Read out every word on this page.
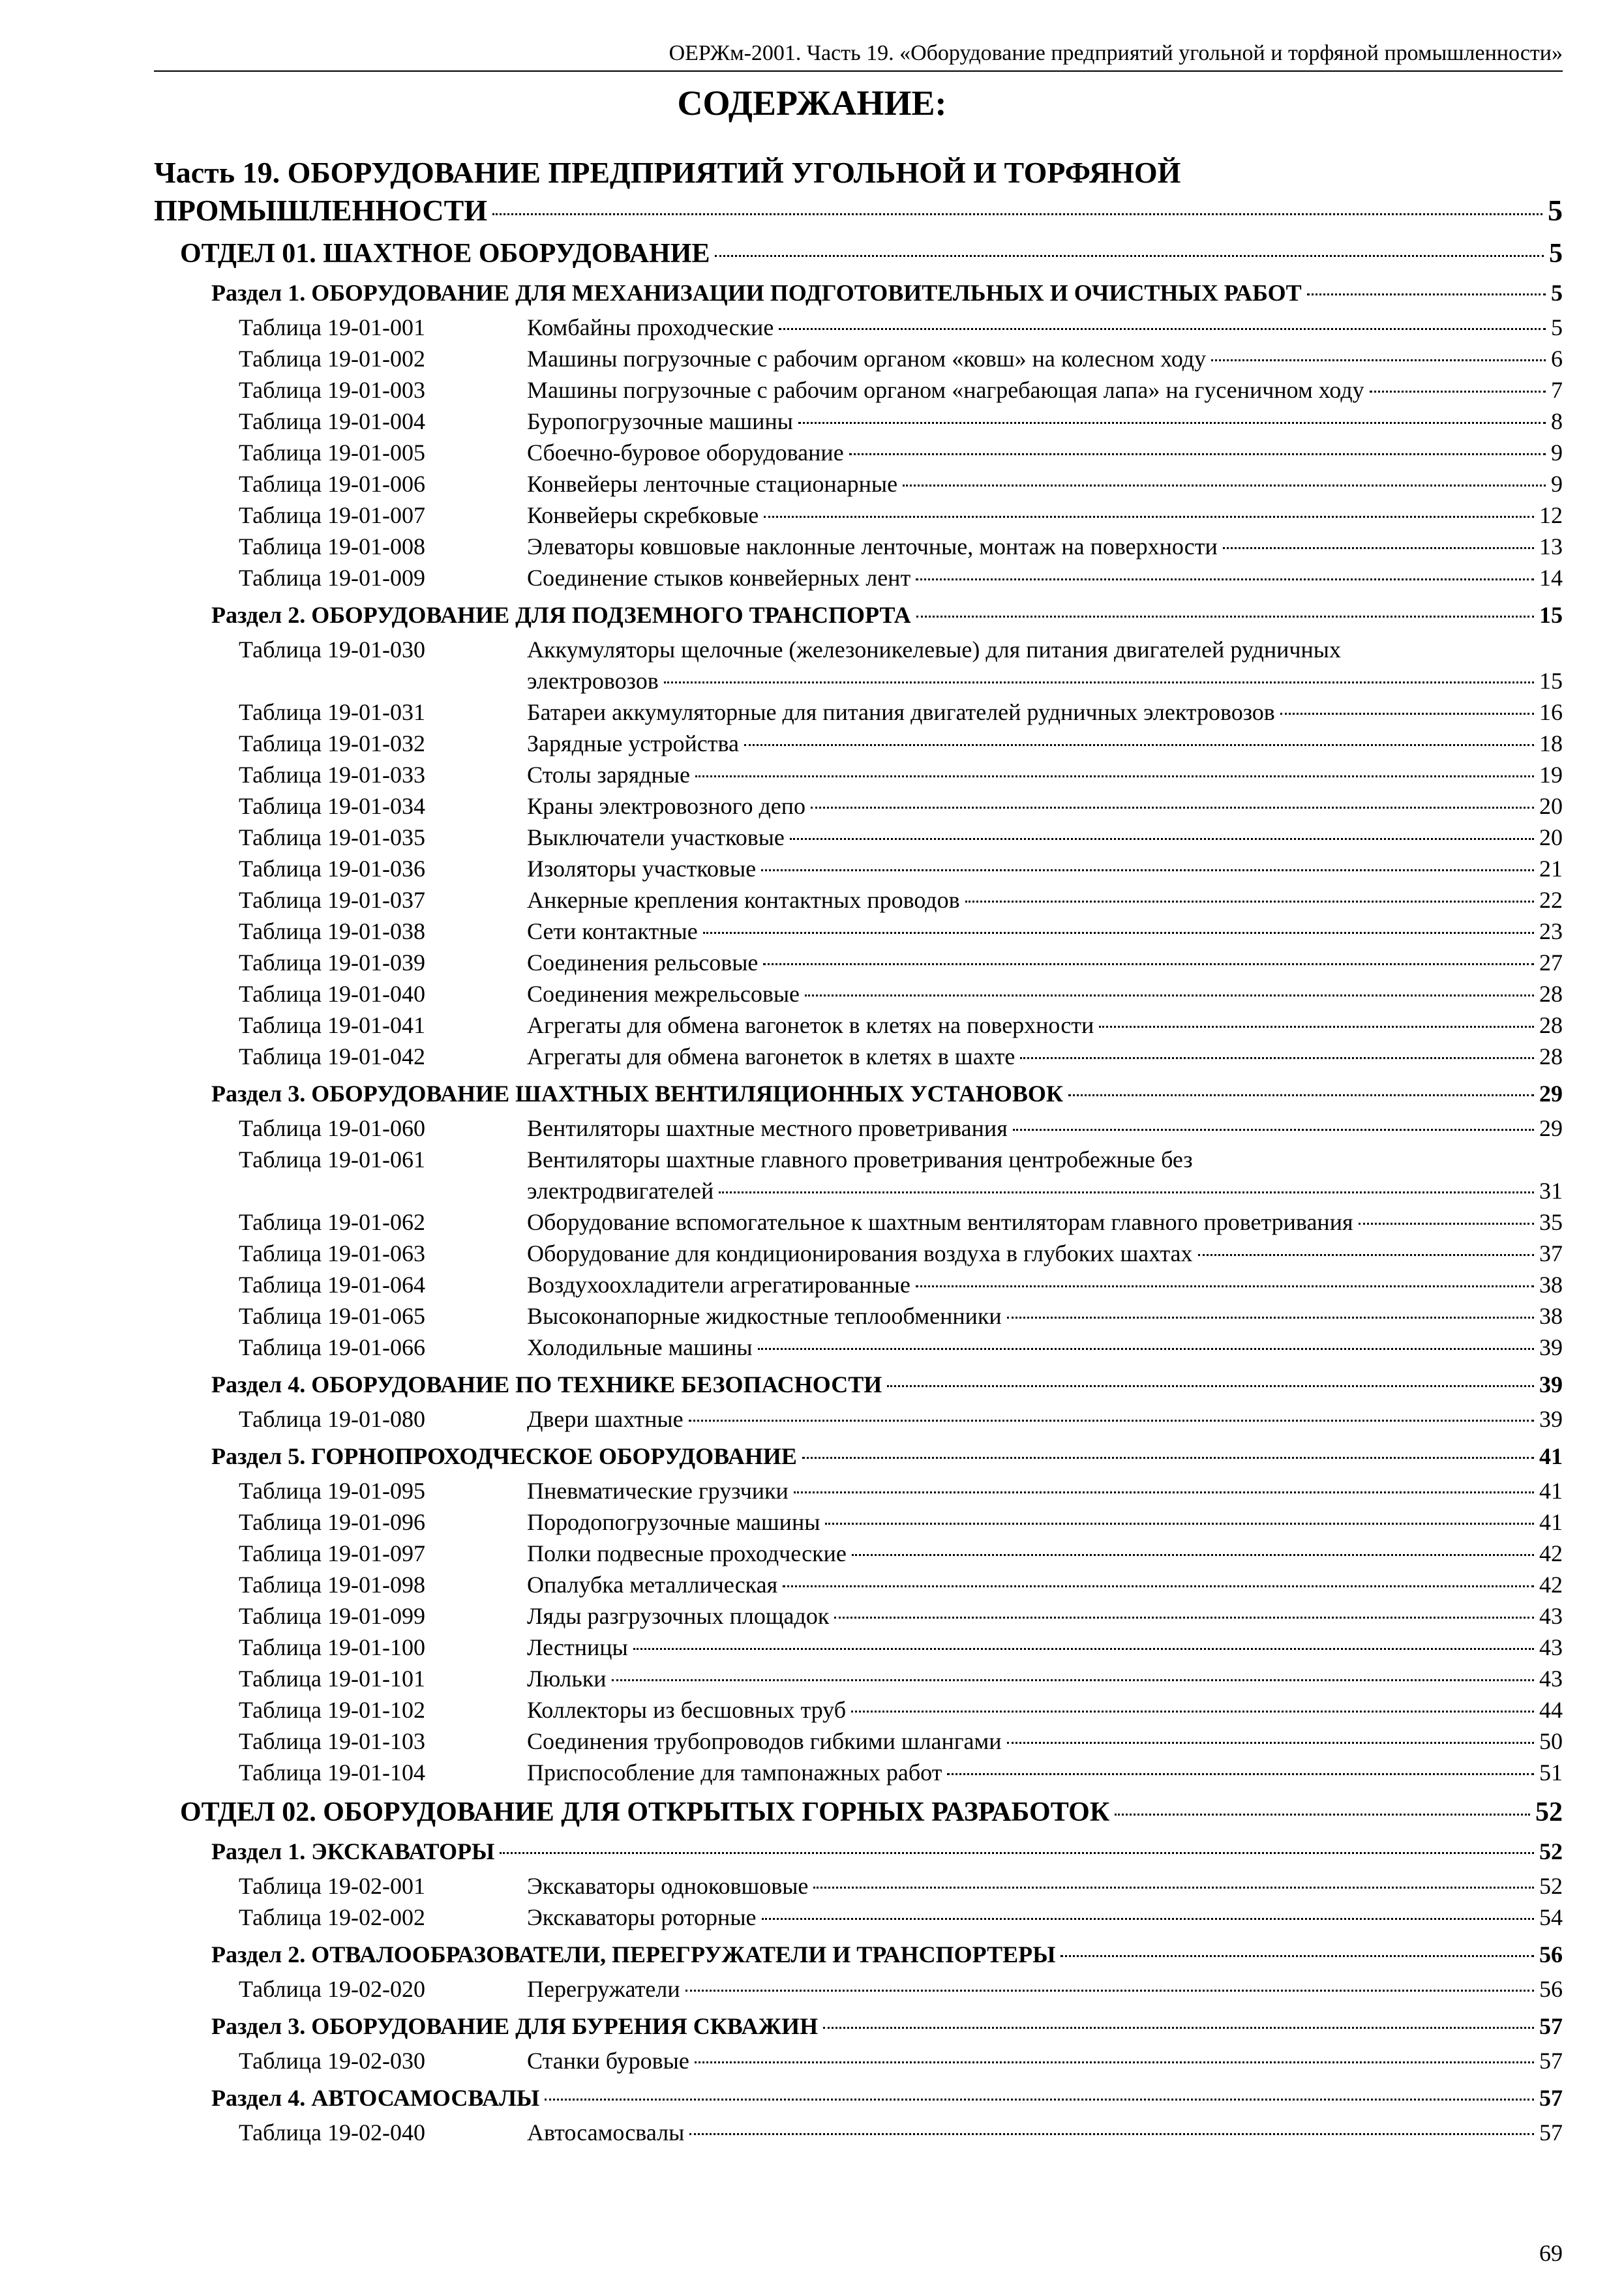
ОЕРЖм-2001. Часть 19. «Оборудование предприятий угольной и торфяной промышленности»
СОДЕРЖАНИЕ:
Часть 19. ОБОРУДОВАНИЕ ПРЕДПРИЯТИЙ УГОЛЬНОЙ И ТОРФЯНОЙ
ПРОМЫШЛЕННОСТИ	5
ОТДЕЛ 01. ШАХТНОЕ ОБОРУДОВАНИЕ	5
Раздел 1. ОБОРУДОВАНИЕ ДЛЯ МЕХАНИЗАЦИИ ПОДГОТОВИТЕЛЬНЫХ И ОЧИСТНЫХ РАБОТ	5
Таблица 19-01-001	Комбайны проходческие	5
Таблица 19-01-002	Машины погрузочные с рабочим органом «ковш» на колесном ходу	6
Таблица 19-01-003	Машины погрузочные с рабочим органом «нагребающая лапа» на гусеничном ходу	7
Таблица 19-01-004	Буропогрузочные машины	8
Таблица 19-01-005	Сбоечно-буровое оборудование	9
Таблица 19-01-006	Конвейеры ленточные стационарные	9
Таблица 19-01-007	Конвейеры скребковые	12
Таблица 19-01-008	Элеваторы ковшовые наклонные ленточные, монтаж на поверхности	13
Таблица 19-01-009	Соединение стыков конвейерных лент	14
Раздел 2. ОБОРУДОВАНИЕ ДЛЯ ПОДЗЕМНОГО ТРАНСПОРТА	15
Таблица 19-01-030	Аккумуляторы щелочные (железоникелевые) для питания двигателей рудничных
электровозов	15
Таблица 19-01-031	Батареи аккумуляторные для питания двигателей рудничных электровозов	16
Таблица 19-01-032	Зарядные устройства	18
Таблица 19-01-033	Столы зарядные	19
Таблица 19-01-034	Краны электровозного депо	20
Таблица 19-01-035	Выключатели участковые	20
Таблица 19-01-036	Изоляторы участковые	21
Таблица 19-01-037	Анкерные крепления контактных проводов	22
Таблица 19-01-038	Сети контактные	23
Таблица 19-01-039	Соединения рельсовые	27
Таблица 19-01-040	Соединения межрельсовые	28
Таблица 19-01-041	Агрегаты для обмена вагонеток в клетях на поверхности	28
Таблица 19-01-042	Агрегаты для обмена вагонеток в клетях в шахте	28
Раздел 3. ОБОРУДОВАНИЕ ШАХТНЫХ ВЕНТИЛЯЦИОННЫХ УСТАНОВОК	29
Таблица 19-01-060	Вентиляторы шахтные местного проветривания	29
Таблица 19-01-061	Вентиляторы шахтные главного проветривания центробежные без
электродвигателей	31
Таблица 19-01-062	Оборудование вспомогательное к шахтным вентиляторам главного проветривания	35
Таблица 19-01-063	Оборудование для кондиционирования воздуха в глубоких шахтах	37
Таблица 19-01-064	Воздухоохладители агрегатированные	38
Таблица 19-01-065	Высоконапорные жидкостные теплообменники	38
Таблица 19-01-066	Холодильные машины	39
Раздел 4. ОБОРУДОВАНИЕ ПО ТЕХНИКЕ БЕЗОПАСНОСТИ	39
Таблица 19-01-080	Двери шахтные	39
Раздел 5. ГОРНОПРОХОДЧЕСКОЕ ОБОРУДОВАНИЕ	41
Таблица 19-01-095	Пневматические грузчики	41
Таблица 19-01-096	Породопогрузочные машины	41
Таблица 19-01-097	Полки подвесные проходческие	42
Таблица 19-01-098	Опалубка металлическая	42
Таблица 19-01-099	Ляды разгрузочных площадок	43
Таблица 19-01-100	Лестницы	43
Таблица 19-01-101	Люльки	43
Таблица 19-01-102	Коллекторы из бесшовных труб	44
Таблица 19-01-103	Соединения трубопроводов гибкими шлангами	50
Таблица 19-01-104	Приспособление для тампонажных работ	51
ОТДЕЛ 02. ОБОРУДОВАНИЕ ДЛЯ ОТКРЫТЫХ ГОРНЫХ РАЗРАБОТОК	52
Раздел 1. ЭКСКАВАТОРЫ	52
Таблица 19-02-001	Экскаваторы одноковшовые	52
Таблица 19-02-002	Экскаваторы роторные	54
Раздел 2. ОТВАЛООБРАЗОВАТЕЛИ, ПЕРЕГРУЖАТЕЛИ И ТРАНСПОРТЕРЫ	56
Таблица 19-02-020	Перегружатели	56
Раздел 3. ОБОРУДОВАНИЕ ДЛЯ БУРЕНИЯ СКВАЖИН	57
Таблица 19-02-030	Станки буровые	57
Раздел 4. АВТОСАМОСВАЛЫ	57
Таблица 19-02-040	Автосамосвалы	57
69
